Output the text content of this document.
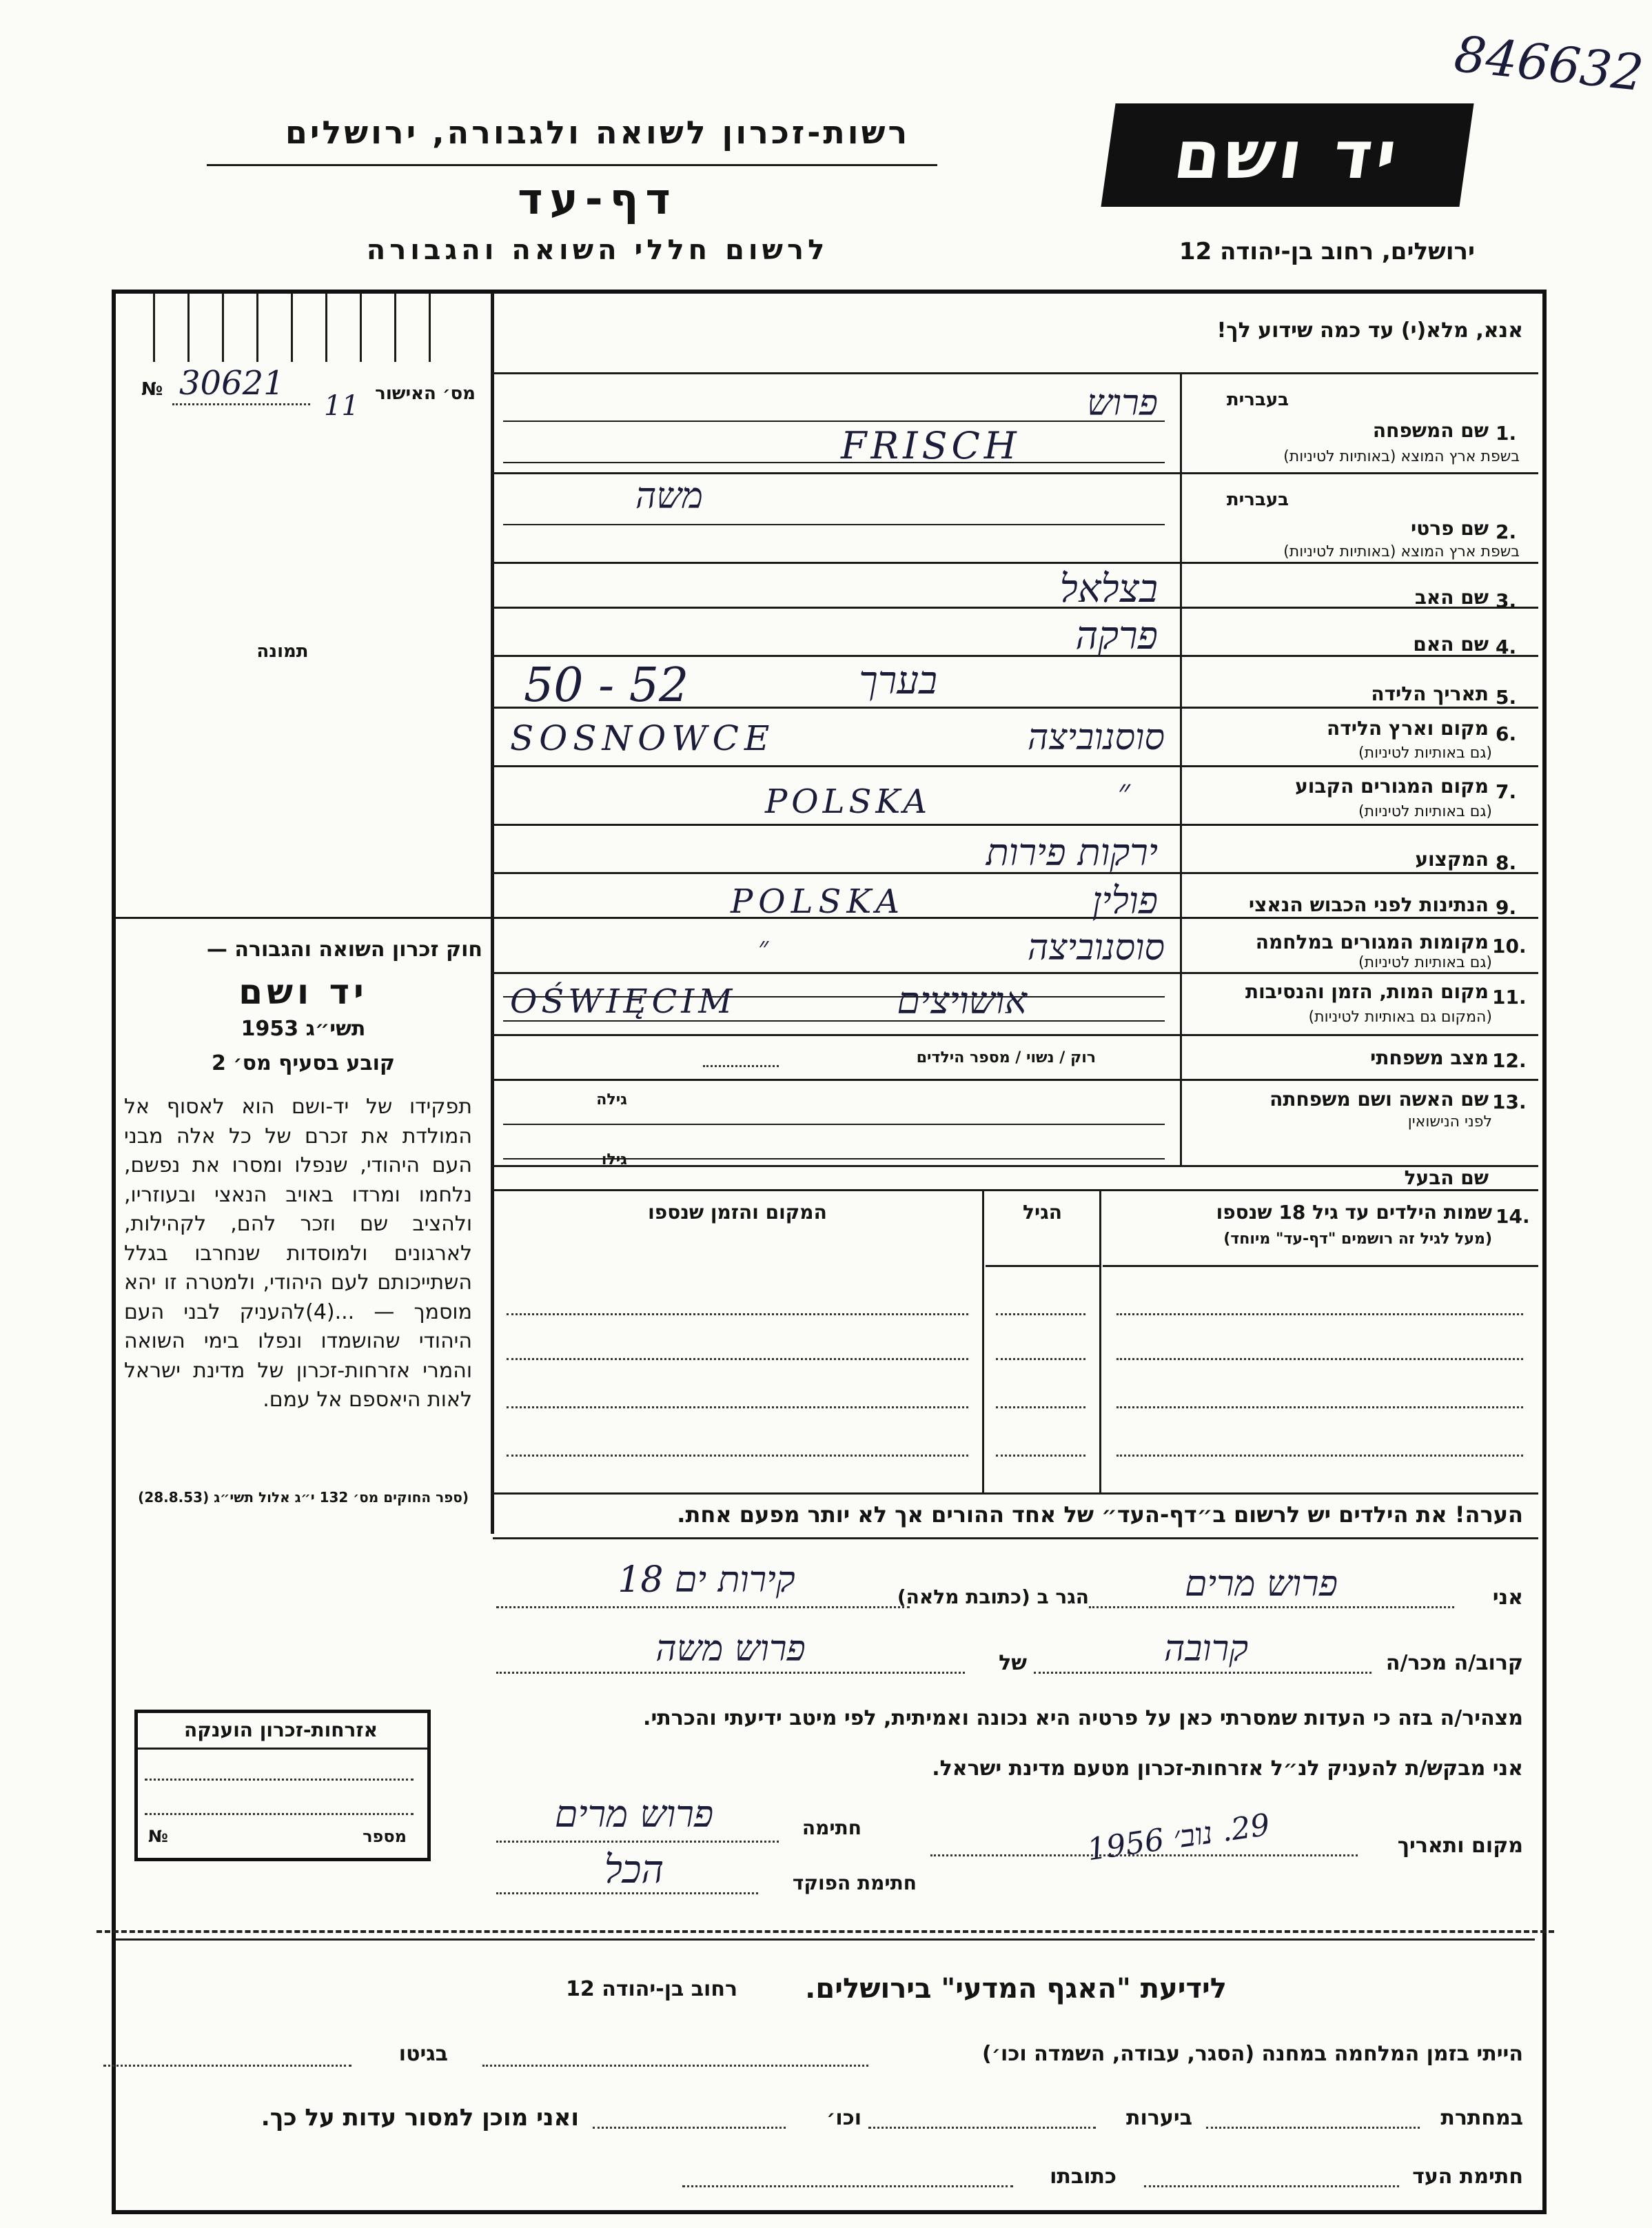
846632
רשות-זכרון לשואה ולגבורה, ירושלים
דף-עד
לרשום חללי השואה והגבורה
יד ושם
ירושלים, רחוב בן-יהודה 12
№ 30621
11 מס׳ האישור
תמונה
אנא, מלא(י) עד כמה שידוע לך!
בעברית
1.
שם המשפחה
בשפת ארץ המוצא (באותיות לטיניות)
פרוש
FRISCH
בעברית
2.
שם פרטי
בשפת ארץ המוצא (באותיות לטיניות)
משה
3.
שם האב
בצלאל
4.
שם האם
פרקה
5.
תאריך הלידה
בערך
50 - 52
6.
מקום וארץ הלידה
(גם באותיות לטיניות)
סוסנוביצה
SOSNOWCE
7.
מקום המגורים הקבוע
(גם באותיות לטיניות)
״
POLSKA
8.
המקצוע
ירקות פירות
9.
הנתינות לפני הכבוש הנאצי
פולין
POLSKA
10.
מקומות המגורים במלחמה
(גם באותיות לטיניות)
סוסנוביצה
״
11.
מקום המות, הזמן והנסיבות
(המקום גם באותיות לטיניות)
אושויצים
OŚWIĘCIM
12.
מצב משפחתי
רוק / נשוי / מספר הילדים
13.
שם האשה ושם משפחתה
לפני הנישואין
גילה
שם הבעל
גילו
14.
שמות הילדים עד גיל 18 שנספו
(מעל לגיל זה רושמים "דף-עד" מיוחד)
הגיל
המקום והזמן שנספו
חוק זכרון השואה והגבורה —
יד ושם
תשי״ג 1953
קובע בסעיף מס׳ 2
תפקידו של יד-ושם הוא לאסוף אל המולדת את זכרם של כל אלה מבני העם היהודי, שנפלו ומסרו את נפשם, נלחמו ומרדו באויב הנאצי ובעוזריו, ולהציב שם וזכר להם, לקהילות, לארגונים ולמוסדות שנחרבו בגלל השתייכותם לעם היהודי, ולמטרה זו יהא מוסמך — ...(4)להעניק לבני העם היהודי שהושמדו ונפלו בימי השואה והמרי אזרחות-זכרון של מדינת ישראל לאות היאספם אל עמם.
(ספר החוקים מס׳ 132 י״ג אלול תשי״ג (28.8.53)
הערה! את הילדים יש לרשום ב״דף-העד״ של אחד ההורים אך לא יותר מפעם אחת.
אני
פרוש מרים
הגר ב (כתובת מלאה)
קירות ים 18
קרוב/ה מכר/ה
קרובה
של
פרוש משה
מצהיר/ה בזה כי העדות שמסרתי כאן על פרטיה היא נכונה ואמיתית, לפי מיטב ידיעתי והכרתי.
אני מבקש/ת להעניק לנ״ל אזרחות-זכרון מטעם מדינת ישראל.
מקום ותאריך
29. נוב׳ 1956
חתימה
פרוש מרים
חתימת הפוקד
הכל
אזרחות-זכרון הוענקה
№	מספר
לידיעת "האגף המדעי" בירושלים.
רחוב בן-יהודה 12
הייתי בזמן המלחמה במחנה (הסגר, עבודה, השמדה וכו׳)
בגיטו
במחתרת
ביערות
וכו׳
ואני מוכן למסור עדות על כך.
חתימת העד
כתובתו
